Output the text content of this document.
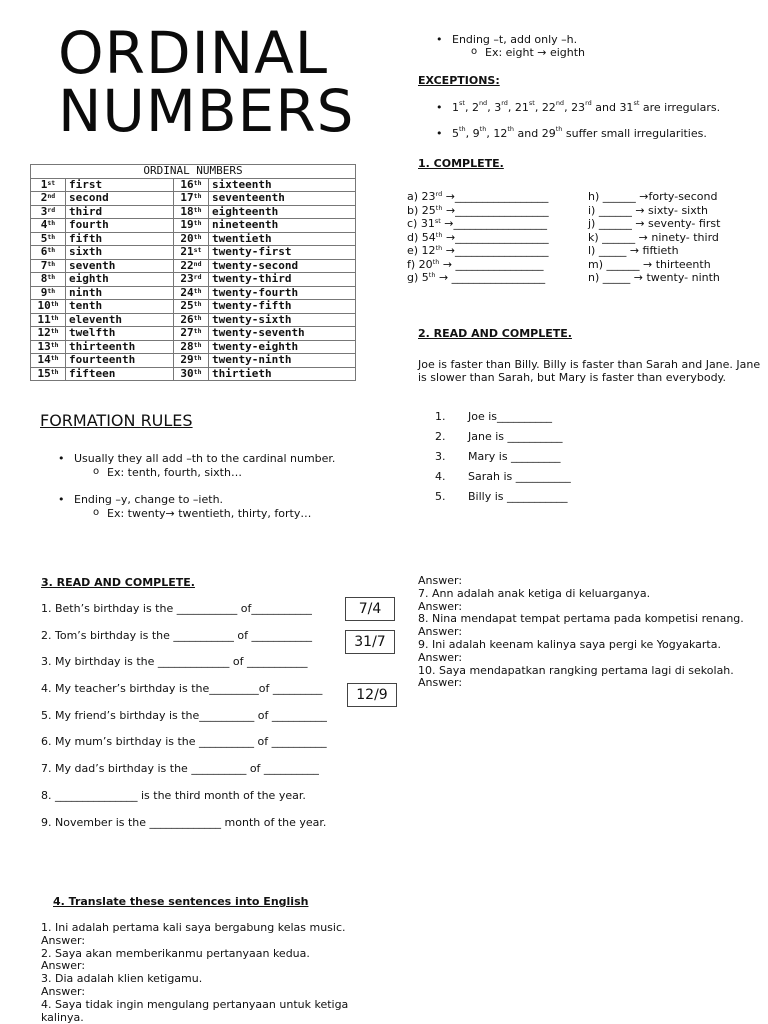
ORDINAL
NUMBERS
ORDINAL NUMBERS			
1st	first	16th	sixteenth
2nd	second	17th	seventeenth
3rd	third	18th	eighteenth
4th	fourth	19th	nineteenth
5th	fifth	20th	twentieth
6th	sixth	21st	twenty-first
7th	seventh	22nd	twenty-second
8th	eighth	23rd	twenty-third
9th	ninth	24th	twenty-fourth
10th	tenth	25th	twenty-fifth
11th	eleventh	26th	twenty-sixth
12th	twelfth	27th	twenty-seventh
13th	thirteenth	28th	twenty-eighth
14th	fourteenth	29th	twenty-ninth
15th	fifteen	30th	thirtieth
FORMATION RULES
• Usually they all add –th to the cardinal number.
o Ex: tenth, fourth, sixth…
• Ending –y, change to –ieth.
o Ex: twenty→ twentieth, thirty, forty…
• Ending –t, add only –h.
o Ex: eight → eighth
EXCEPTIONS:
• 1st, 2nd, 3rd, 21st, 22nd, 23rd and 31st are irregulars.
• 5th, 9th, 12th and 29th suffer small irregularities.
1. COMPLETE.
a) 23rd →_________________
b) 25th →_________________
c) 31st →_________________
d) 54th →_________________
e) 12th →_________________
f) 20th → ________________
g) 5th → _________________
h) ______ →forty-second
i) ______ → sixty- sixth
j) ______ → seventy- first
k) ______ → ninety- third
l) _____ → fiftieth
m) ______ → thirteenth
n) _____ → twenty- ninth
2. READ AND COMPLETE.
Joe is faster than Billy. Billy is faster than Sarah and Jane. Jane is slower than Sarah, but Mary is faster than everybody.
1. Joe is__________
2. Jane is __________
3. Mary is _________
4. Sarah is __________
5. Billy is ___________
3. READ AND COMPLETE.
1. Beth’s birthday is the ___________ of___________
2. Tom’s birthday is the ___________ of ___________
3. My birthday is the _____________ of ___________
4. My teacher’s birthday is the_________of _________
5. My friend’s birthday is the__________ of __________
6. My mum’s birthday is the __________ of __________
7. My dad’s birthday is the __________ of __________
8. _______________ is the third month of the year.
9. November is the _____________ month of the year.
7/4
31/7
12/9
4. Translate these sentences into English
1. Ini adalah pertama kali saya bergabung kelas music.
Answer:
2. Saya akan memberikanmu pertanyaan kedua.
Answer:
3. Dia adalah klien ketigamu.
Answer:
4. Saya tidak ingin mengulang pertanyaan untuk ketiga kalinya.
Answer:
7. Ann adalah anak ketiga di keluarganya.
Answer:
8. Nina mendapat tempat pertama pada kompetisi renang.
Answer:
9. Ini adalah keenam kalinya saya pergi ke Yogyakarta.
Answer:
10. Saya mendapatkan rangking pertama lagi di sekolah.
Answer:
